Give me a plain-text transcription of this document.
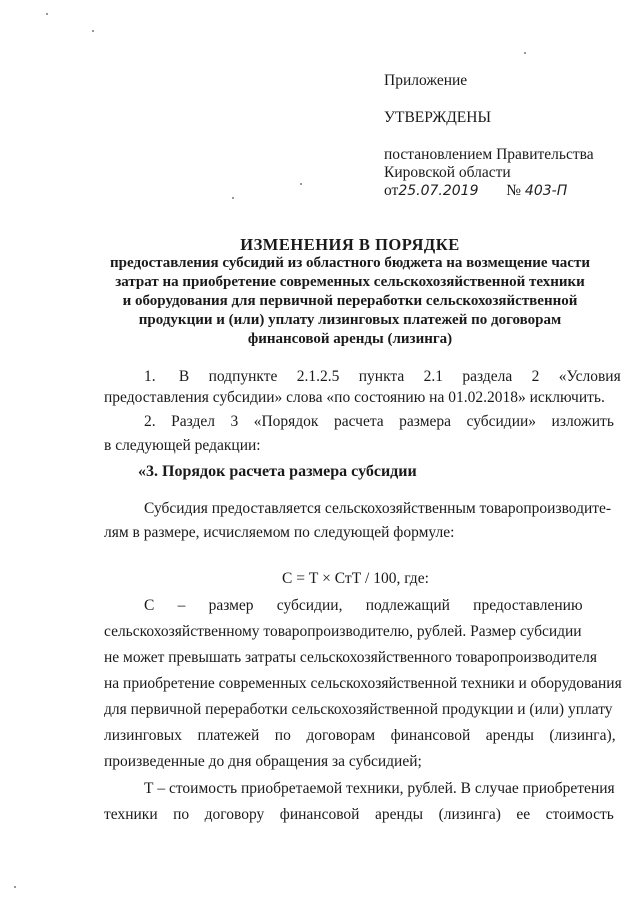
Приложение
УТВЕРЖДЕНЫ
постановлением Правительства
Кировской области
от25.07.2019 № 403-П
ИЗМЕНЕНИЯ В ПОРЯДКЕ
предоставления субсидий из областного бюджета на возмещение части
затрат на приобретение современных сельскохозяйственной техники
и оборудования для первичной переработки сельскохозяйственной
продукции и (или) уплату лизинговых платежей по договорам
финансовой аренды (лизинга)
1.      В     подпункте     2.1.2.5     пункта     2.1     раздела     2     «Условия
предоставления субсидии» слова «по состоянию на 01.02.2018» исключить.
2.    Раздел    3    «Порядок    расчета    размера    субсидии»    изложить
в следующей редакции:
«3. Порядок расчета размера субсидии
Субсидия предоставляется сельскохозяйственным товаропроизводите-
лям в размере, исчисляемом по следующей формуле:
С = Т × СтТ / 100, где:
С      –      размер      субсидии,      подлежащий      предоставлению
сельскохозяйственному товаропроизводителю, рублей. Размер субсидии
не может превышать затраты сельскохозяйственного товаропроизводителя
на приобретение современных сельскохозяйственной техники и оборудования
для первичной переработки сельскохозяйственной продукции и (или) уплату
лизинговых    платежей    по    договорам    финансовой    аренды    (лизинга),
произведенные до дня обращения за субсидией;
Т – стоимость приобретаемой техники, рублей. В случае приобретения
техники    по    договору    финансовой    аренды    (лизинга)    ее    стоимость
